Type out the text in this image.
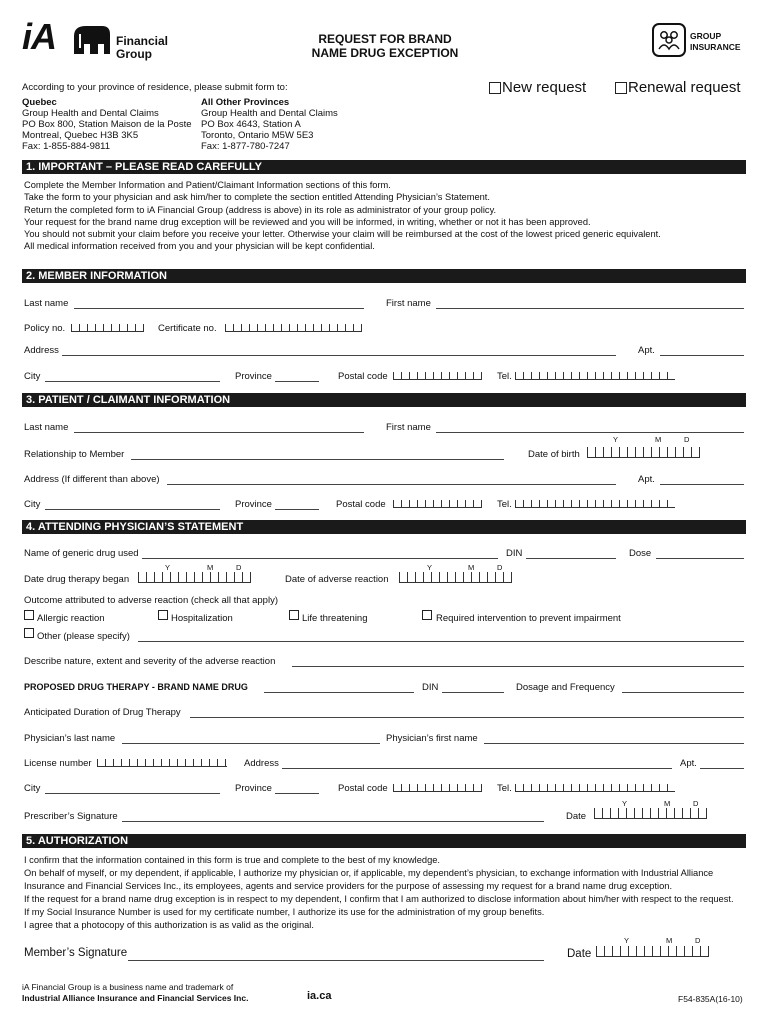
iA	Financial
Group
REQUEST FOR BRAND
NAME DRUG EXCEPTION
GROUP
INSURANCE
According to your province of residence, please submit form to:	New request	Renewal request
Quebec
Group Health and Dental Claims
PO Box 800, Station Maison de la Poste
Montreal, Quebec H3B 3K5
Fax: 1-855-884-9811
All Other Provinces
Group Health and Dental Claims
PO Box 4643, Station A
Toronto, Ontario M5W 5E3
Fax: 1-877-780-7247
1. IMPORTANT – PLEASE READ CAREFULLY
Complete the Member Information and Patient/Claimant Information sections of this form.
Take the form to your physician and ask him/her to complete the section entitled Attending Physician’s Statement.
Return the completed form to iA Financial Group (address is above) in its role as administrator of your group policy.
Your request for the brand name drug exception will be reviewed and you will be informed, in writing, whether or not it has been approved.
You should not submit your claim before you receive your letter. Otherwise your claim will be reimbursed at the cost of the lowest priced generic equivalent.
All medical information received from you and your physician will be kept confidential.
2. MEMBER INFORMATION
Last name	First name
Policy no.	Certificate no.
Address	Apt.
City	Province	Postal code	Tel.
3. PATIENT / CLAIMANT INFORMATION
Last name	First name
Y	M	D
Relationship to Member	Date of birth
Address (If different than above)	Apt.
City	Province	Postal code	Tel.
4. ATTENDING PHYSICIAN’S STATEMENT
Name of generic drug used	DIN	Dose
Y	M	D	Y	M	D
Date drug therapy began	Date of adverse reaction
Outcome attributed to adverse reaction (check all that apply)
Allergic reaction	Hospitalization	Life threatening	Required intervention to prevent impairment
Other (please specify)
Describe nature, extent and severity of the adverse reaction
PROPOSED DRUG THERAPY - BRAND NAME DRUG	DIN	Dosage and Frequency
Anticipated Duration of Drug Therapy
Physician’s last name	Physician’s first name
License number	Address	Apt.
City	Province	Postal code	Tel.
Y	M	D
Prescriber’s Signature	Date
5. AUTHORIZATION
I confirm that the information contained in this form is true and complete to the best of my knowledge.
On behalf of myself, or my dependent, if applicable, I authorize my physician or, if applicable, my dependent’s physician, to exchange information with Industrial Alliance Insurance and Financial Services Inc., its employees, agents and service providers for the purpose of assessing my request for a brand name drug exception.
If the request for a brand name drug exception is in respect to my dependent, I confirm that I am authorized to disclose information about him/her with respect to the request.
If my Social Insurance Number is used for my certificate number, I authorize its use for the administration of my group benefits.
I agree that a photocopy of this authorization is as valid as the original.
Y	M	D
Member’s Signature	Date
iA Financial Group is a business name and trademark of
Industrial Alliance Insurance and Financial Services Inc.	ia.ca	F54-835A(16-10)
